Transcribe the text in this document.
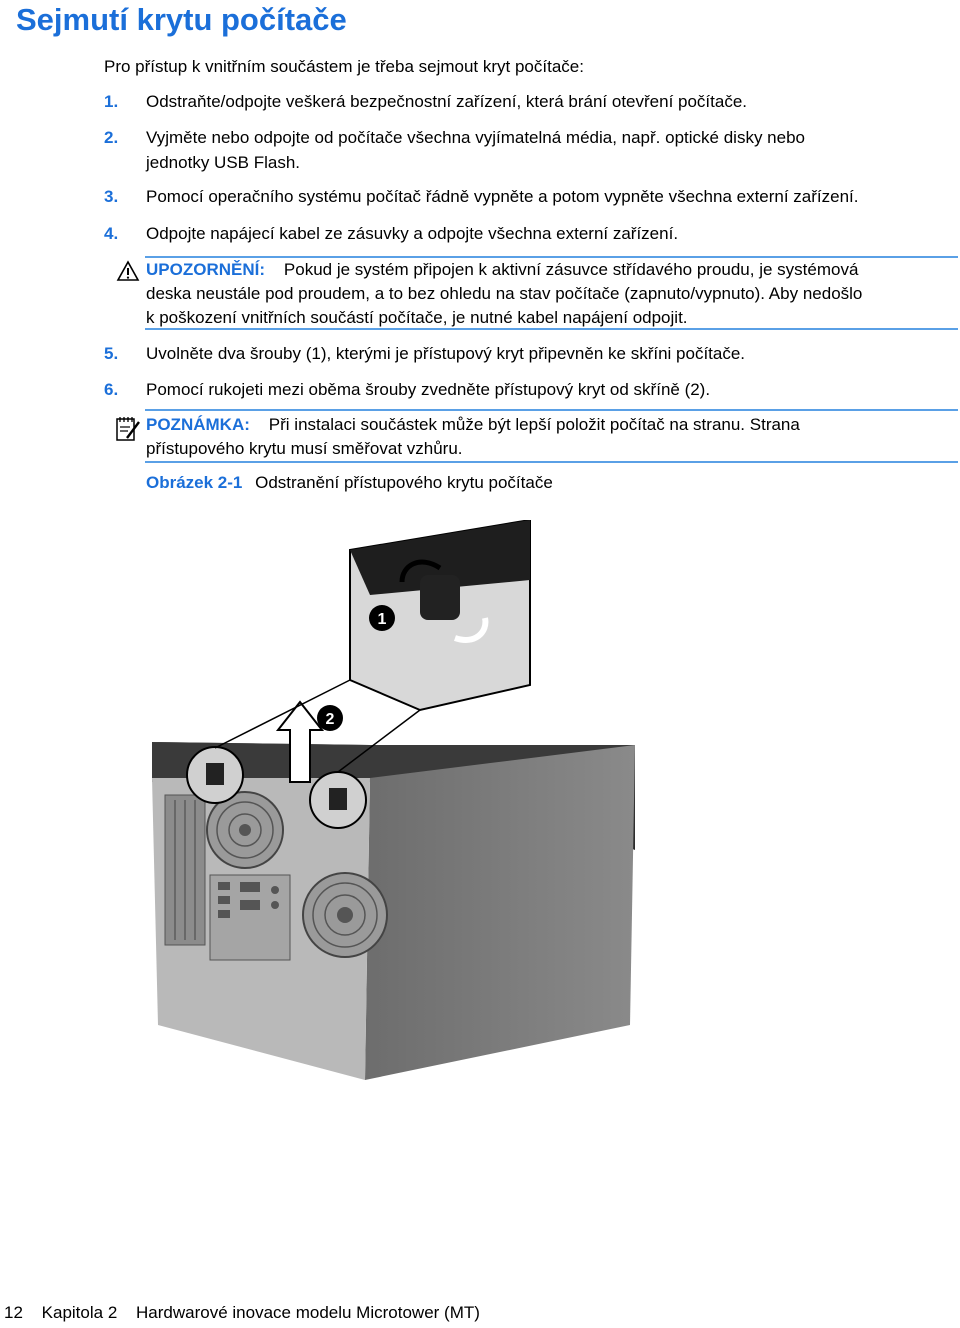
Sejmutí krytu počítače
Pro přístup k vnitřním součástem je třeba sejmout kryt počítače:
1. Odstraňte/odpojte veškerá bezpečnostní zařízení, která brání otevření počítače.
2. Vyjměte nebo odpojte od počítače všechna vyjímatelná média, např. optické disky nebo
jednotky USB Flash.
3. Pomocí operačního systému počítač řádně vypněte a potom vypněte všechna externí zařízení.
4. Odpojte napájecí kabel ze zásuvky a odpojte všechna externí zařízení.
UPOZORNĚNÍ: Pokud je systém připojen k aktivní zásuvce střídavého proudu, je systémová
deska neustále pod proudem, a to bez ohledu na stav počítače (zapnuto/vypnuto). Aby nedošlo
k poškození vnitřních součástí počítače, je nutné kabel napájení odpojit.
5. Uvolněte dva šrouby (1), kterými je přístupový kryt připevněn ke skříni počítače.
6. Pomocí rukojeti mezi oběma šrouby zvedněte přístupový kryt od skříně (2).
POZNÁMKA: Při instalaci součástek může být lepší položit počítač na stranu. Strana
přístupového krytu musí směřovat vzhůru.
Obrázek 2-1 Odstranění přístupového krytu počítače
1
2
12 Kapitola 2 Hardwarové inovace modelu Microtower (MT)
